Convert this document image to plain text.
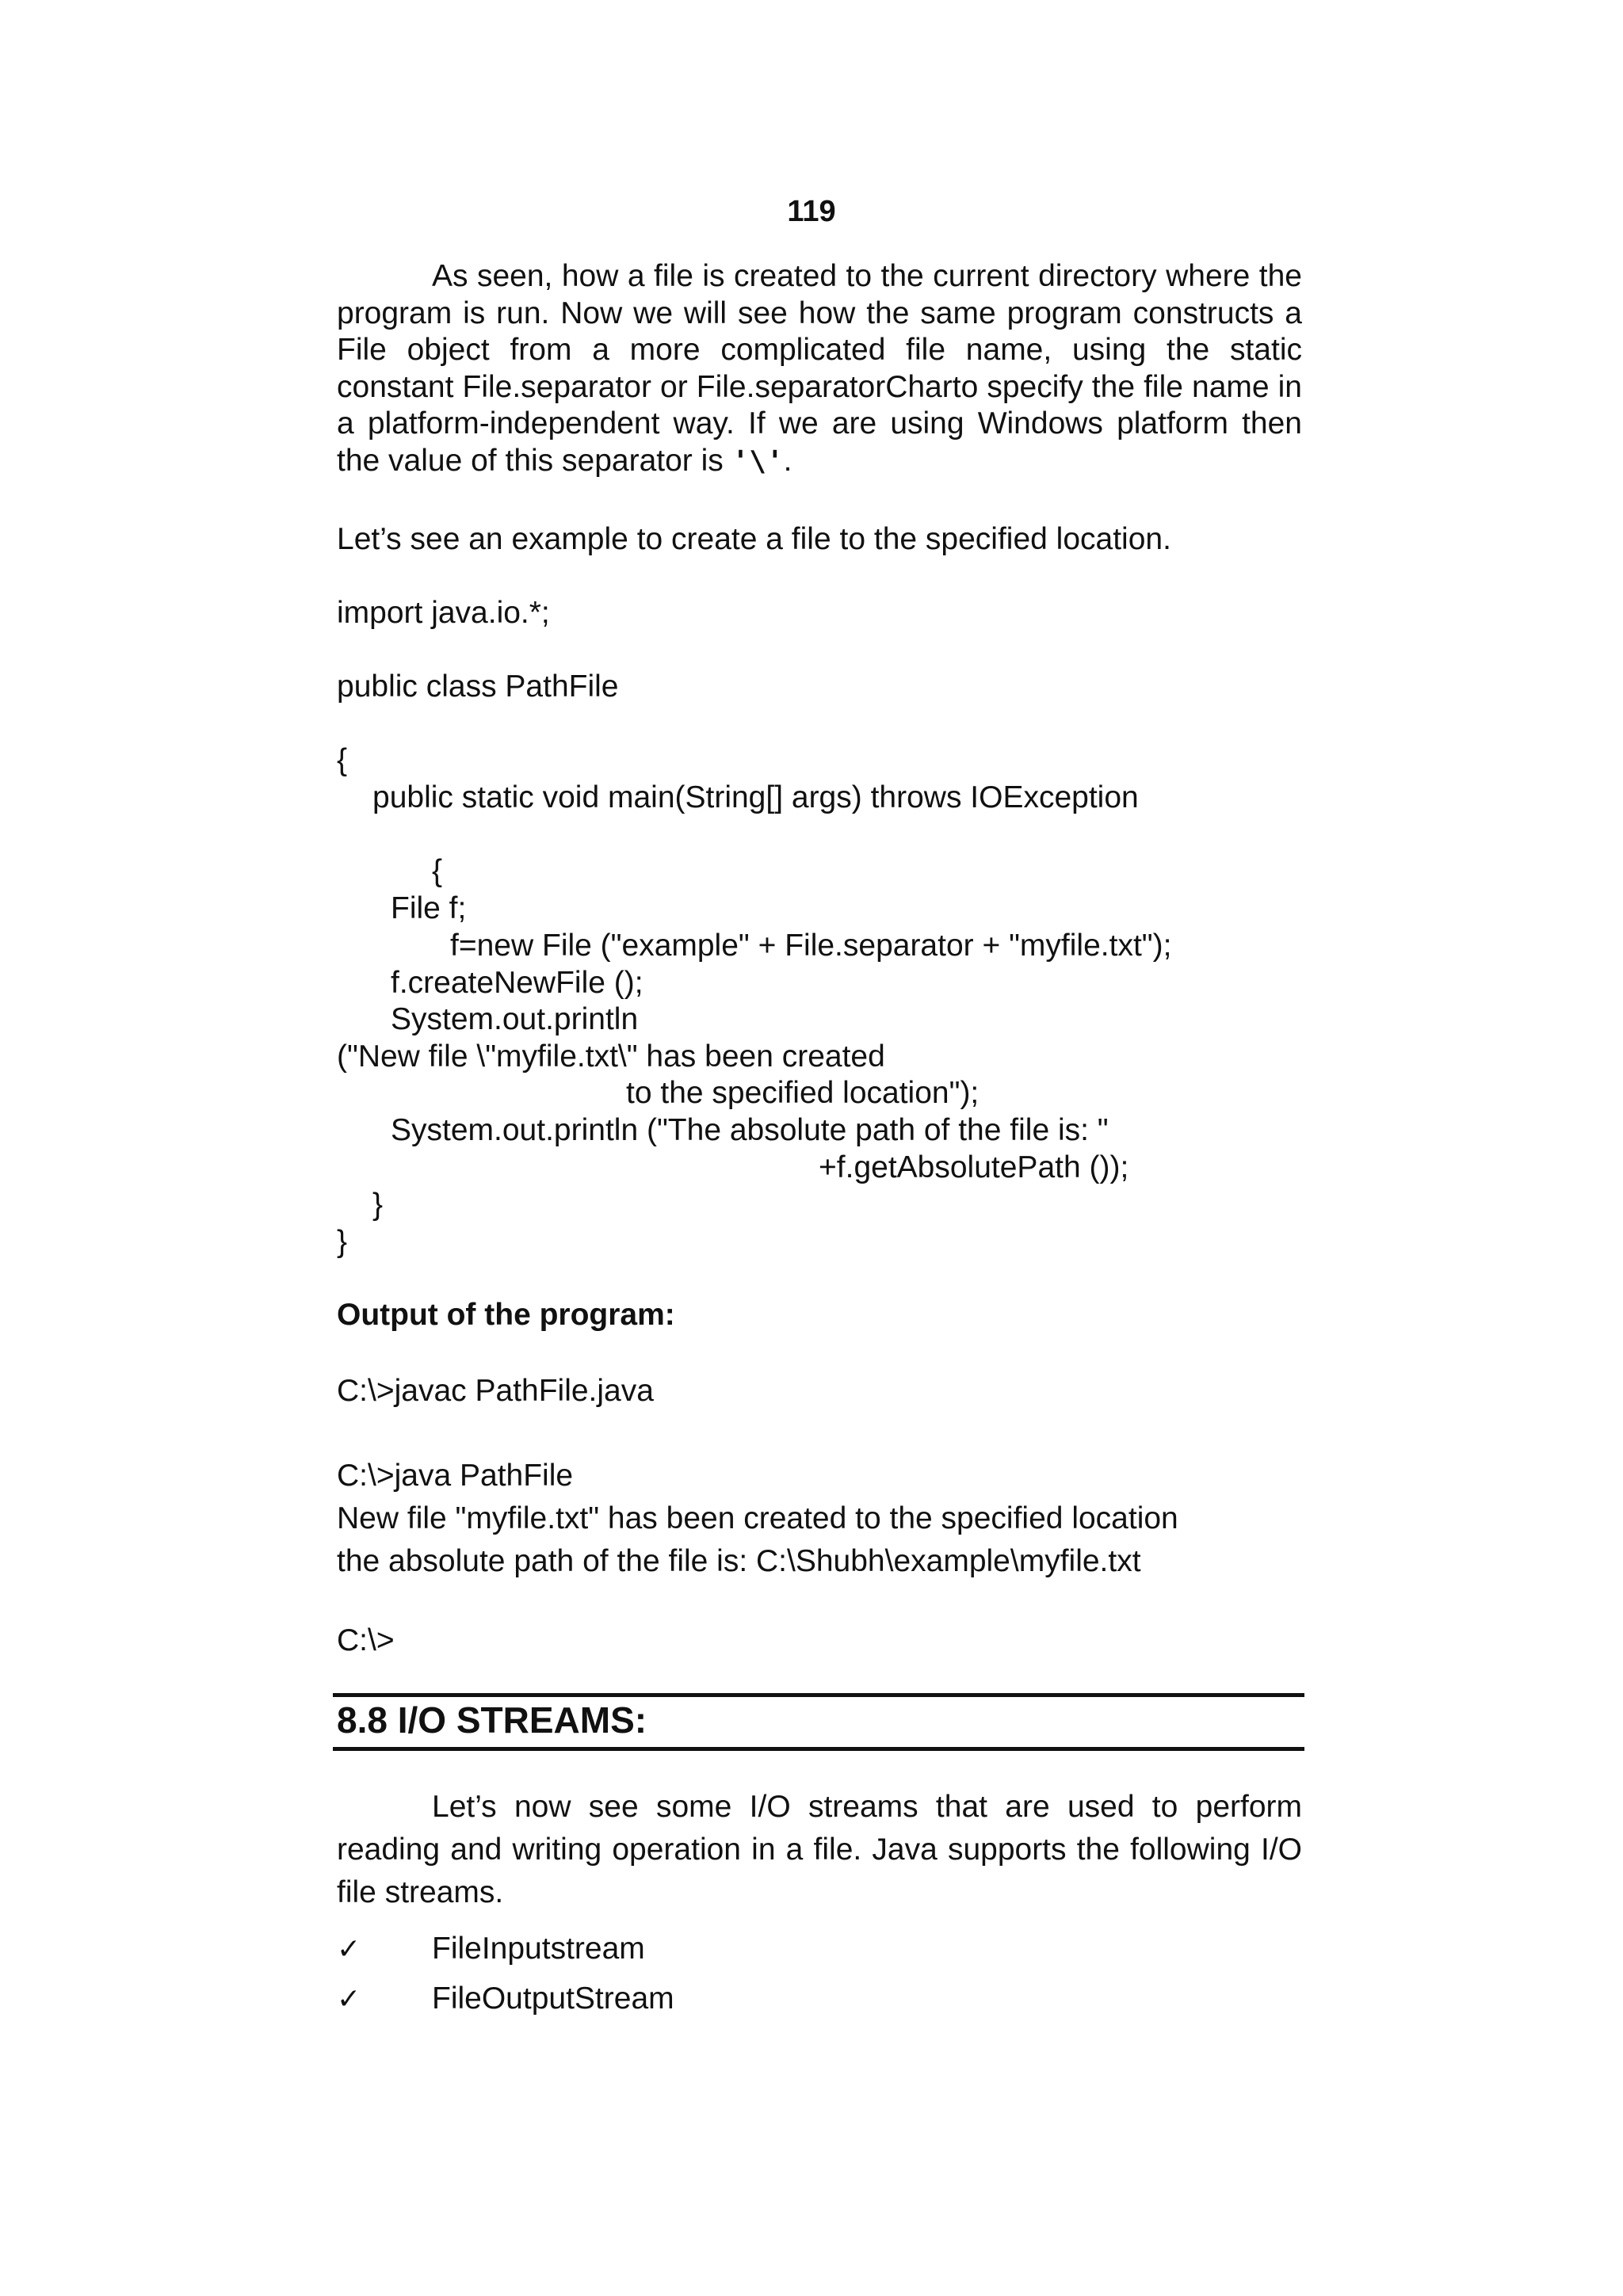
119

As seen, how a file is created to the current directory where the program is run. Now we will see how the same program constructs a File object from a more complicated file name, using the static constant File.separator or File.separatorCharto specify the file name in a platform-independent way. If we are using Windows platform then the value of this separator is '\'.

Let’s see an example to create a file to the specified location.
import java.io.*;
public class PathFile
{
public static void main(String[] args) throws IOException
{
File f;
f=new File ("example" + File.separator + "myfile.txt");
f.createNewFile ();
System.out.println
("New file \"myfile.txt\" has been created
to the specified location");
System.out.println ("The absolute path of the file is: "
+f.getAbsolutePath ());
}
}
Output of the program:
C:\>javac PathFile.java
C:\>java PathFile
New file "myfile.txt" has been created to the specified location
the absolute path of the file is: C:\Shubh\example\myfile.txt
C:\>
8.8 I/O STREAMS:

Let’s now see some I/O streams that are used to perform reading and writing operation in a file. Java supports the following I/O file streams.

✓	FileInputstream
✓	FileOutputStream
